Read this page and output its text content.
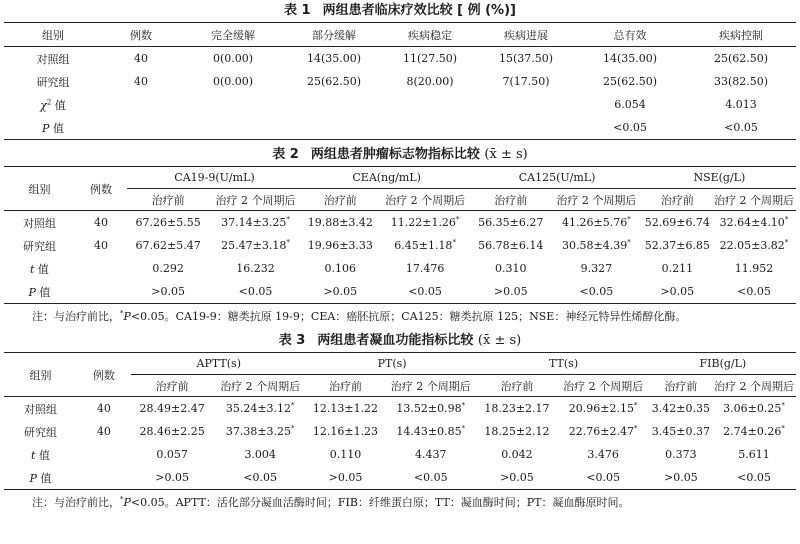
表 1 两组患者临床疗效比较 [ 例 (%)]
组别	例数	完全缓解	部分缓解	疾病稳定	疾病进展	总有效	疾病控制
对照组	40	0(0.00)	14(35.00)	11(27.50)	15(37.50)	14(35.00)	25(62.50)
研究组	40	0(0.00)	25(62.50)	8(20.00)	7(17.50)	25(62.50)	33(82.50)
$\chi^2$ 值						6.054	4.013
P 值						<0.05	<0.05
表 2 两组患者肿瘤标志物指标比较 (x̄ ± s)
组别	例数	CA19-9(U/mL)		CEA(ng/mL)		CA125(U/mL)		NSE(g/L)	
		治疗前	治疗 2 个周期后	治疗前	治疗 2 个周期后	治疗前	治疗 2 个周期后	治疗前	治疗 2 个周期后
对照组	40	67.26±5.55	37.14±3.25*	19.88±3.42	11.22±1.26*	56.35±6.27	41.26±5.76*	52.69±6.74	32.64±4.10*
研究组	40	67.62±5.47	25.47±3.18*	19.96±3.33	6.45±1.18*	56.78±6.14	30.58±4.39*	52.37±6.85	22.05±3.82*
t 值		0.292	16.232	0.106	17.476	0.310	9.327	0.211	11.952
P 值		>0.05	<0.05	>0.05	<0.05	>0.05	<0.05	>0.05	<0.05
注：与治疗前比，*P<0.05。CA19-9：糖类抗原 19-9；CEA：癌胚抗原；CA125：糖类抗原 125；NSE：神经元特异性烯醇化酶。
表 3 两组患者凝血功能指标比较 (x̄ ± s)
组别	例数	APTT(s)		PT(s)		TT(s)		FIB(g/L)	
		治疗前	治疗 2 个周期后	治疗前	治疗 2 个周期后	治疗前	治疗 2 个周期后	治疗前	治疗 2 个周期后
对照组	40	28.49±2.47	35.24±3.12*	12.13±1.22	13.52±0.98*	18.23±2.17	20.96±2.15*	3.42±0.35	3.06±0.25*
研究组	40	28.46±2.25	37.38±3.25*	12.16±1.23	14.43±0.85*	18.25±2.12	22.76±2.47*	3.45±0.37	2.74±0.26*
t 值		0.057	3.004	0.110	4.437	0.042	3.476	0.373	5.611
P 值		>0.05	<0.05	>0.05	<0.05	>0.05	<0.05	>0.05	<0.05
注：与治疗前比，*P<0.05。APTT：活化部分凝血活酶时间；FIB：纤维蛋白原；TT：凝血酶时间；PT：凝血酶原时间。
